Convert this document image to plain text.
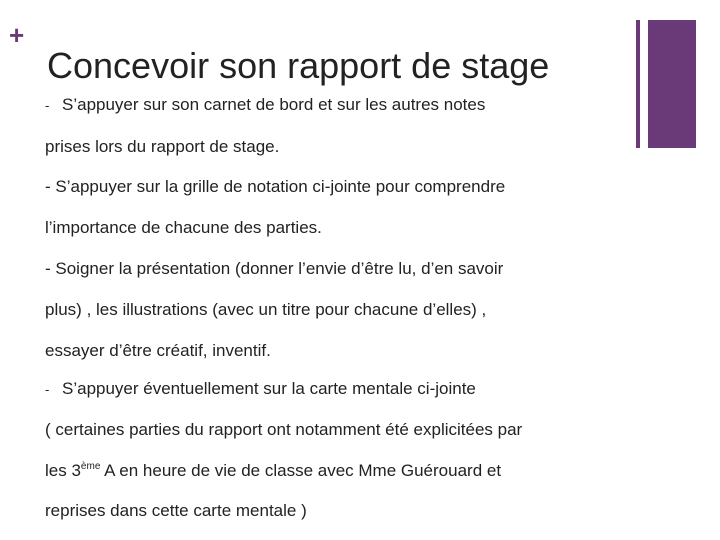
+
Concevoir son rapport de stage
- S’appuyer sur son carnet de bord et sur les autres notes
prises lors du rapport de stage.
- S’appuyer sur la grille de notation ci-jointe pour comprendre
l’importance de chacune des parties.
- Soigner la présentation (donner l’envie d’être lu, d’en savoir
plus) , les illustrations (avec un titre pour chacune d’elles) ,
essayer d’être créatif, inventif.
- S’appuyer éventuellement sur la carte mentale ci-jointe
( certaines parties du rapport ont notamment été explicitées par
les 3ème A en heure de vie de classe avec Mme Guérouard et
reprises dans cette carte mentale )
